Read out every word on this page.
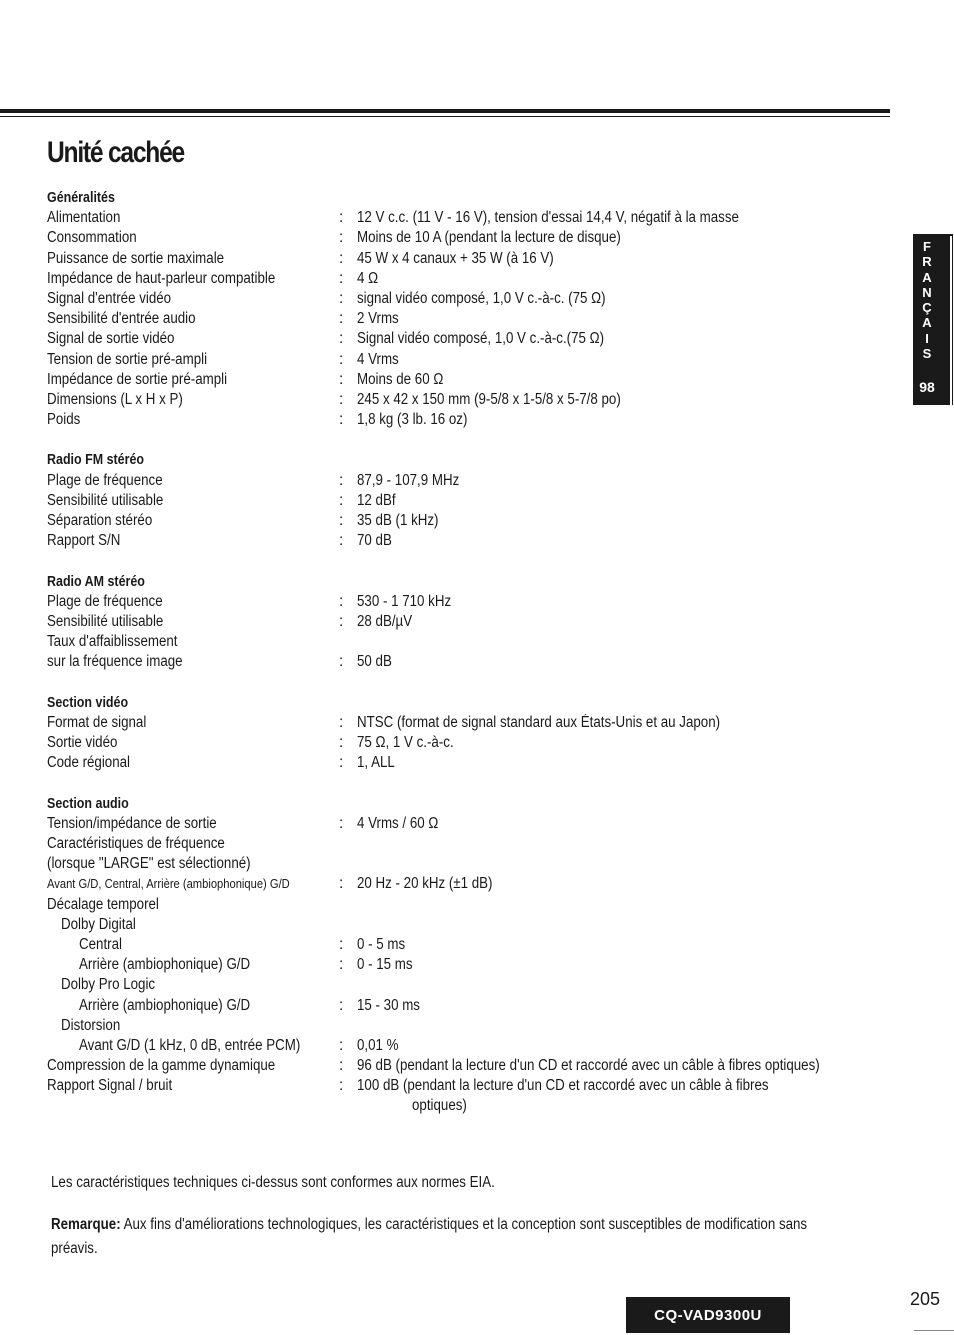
Unité cachée
Généralités
Alimentation	: 12 V c.c. (11 V - 16 V), tension d'essai 14,4 V, négatif à la masse
Consommation	: Moins de 10 A (pendant la lecture de disque)
Puissance de sortie maximale	: 45 W x 4 canaux + 35 W (à 16 V)
Impédance de haut-parleur compatible	: 4 Ω
Signal d'entrée vidéo	: signal vidéo composé, 1,0 V c.-à-c. (75 Ω)
Sensibilité d'entrée audio	: 2 Vrms
Signal de sortie vidéo	: Signal vidéo composé, 1,0 V c.-à-c.(75 Ω)
Tension de sortie pré-ampli	: 4 Vrms
Impédance de sortie pré-ampli	: Moins de 60 Ω
Dimensions (L x H x P)	: 245 x 42 x 150 mm (9-5/8 x 1-5/8 x 5-7/8 po)
Poids	: 1,8 kg (3 lb. 16 oz)
Radio FM stéréo
Plage de fréquence	: 87,9 - 107,9 MHz
Sensibilité utilisable	: 12 dBf
Séparation stéréo	: 35 dB (1 kHz)
Rapport S/N	: 70 dB
Radio AM stéréo
Plage de fréquence	: 530 - 1 710 kHz
Sensibilité utilisable	: 28 dB/µV
Taux d'affaiblissement
sur la fréquence image	: 50 dB
Section vidéo
Format de signal	: NTSC (format de signal standard aux États-Unis et au Japon)
Sortie vidéo	: 75 Ω, 1 V c.-à-c.
Code régional	: 1, ALL
Section audio
Tension/impédance de sortie	: 4 Vrms / 60 Ω
Caractéristiques de fréquence
(lorsque "LARGE" est sélectionné)
Avant G/D, Central, Arrière (ambiophonique) G/D	: 20 Hz - 20 kHz (±1 dB)
Décalage temporel
Dolby Digital
Central	: 0 - 5 ms
Arrière (ambiophonique) G/D	: 0 - 15 ms
Dolby Pro Logic
Arrière (ambiophonique) G/D	: 15 - 30 ms
Distorsion
Avant G/D (1 kHz, 0 dB, entrée PCM) : 0,01 %
Compression de la gamme dynamique	: 96 dB (pendant la lecture d'un CD et raccordé avec un câble à fibres optiques)
Rapport Signal / bruit	: 100 dB (pendant la lecture d'un CD et raccordé avec un câble à fibres
optiques)
Les caractéristiques techniques ci-dessus sont conformes aux normes EIA.
Remarque: Aux fins d'améliorations technologiques, les caractéristiques et la conception sont susceptibles de modification sans préavis.
F
R
A
N
Ç
A
I
S
98
CQ-VAD9300U
205
